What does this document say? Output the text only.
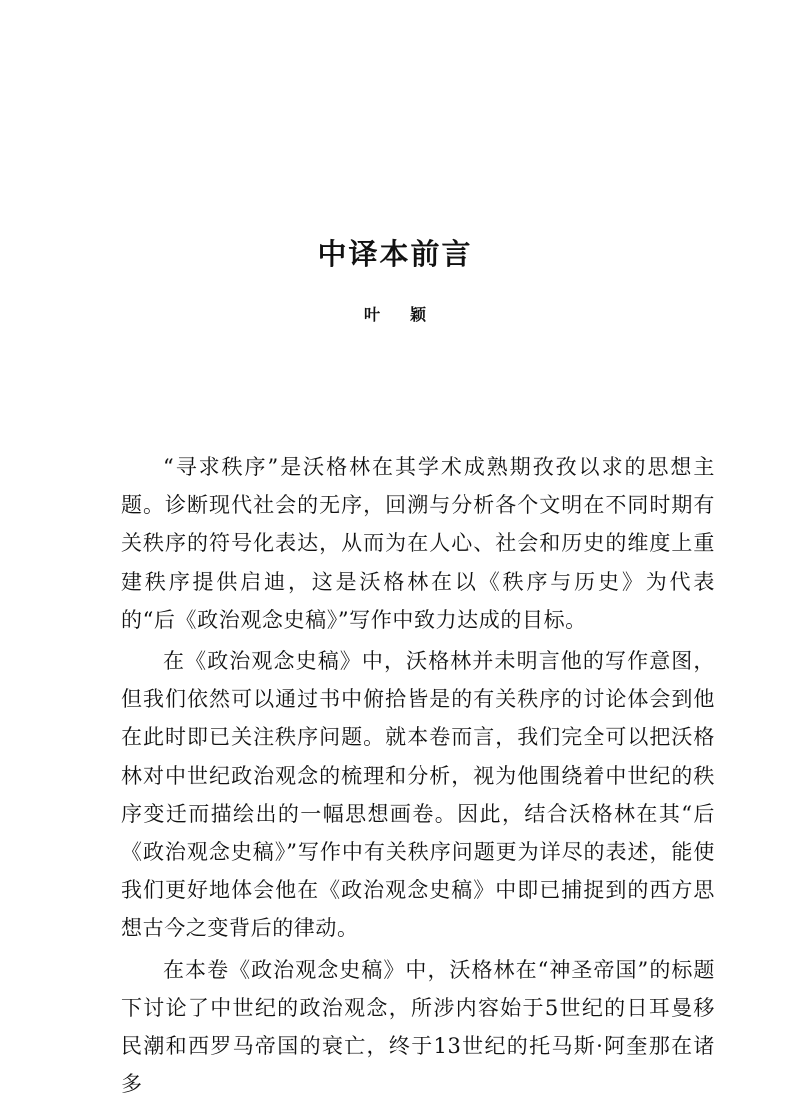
中译本前言
叶 颖

“寻求秩序”是沃格林在其学术成熟期孜孜以求的思想主题。诊断现代社会的无序，回溯与分析各个文明在不同时期有关秩序的符号化表达，从而为在人心、社会和历史的维度上重建秩序提供启迪，这是沃格林在以《秩序与历史》为代表的“后《政治观念史稿》”写作中致力达成的目标。

在《政治观念史稿》中，沃格林并未明言他的写作意图，但我们依然可以通过书中俯拾皆是的有关秩序的讨论体会到他在此时即已关注秩序问题。就本卷而言，我们完全可以把沃格林对中世纪政治观念的梳理和分析，视为他围绕着中世纪的秩序变迁而描绘出的一幅思想画卷。因此，结合沃格林在其“后《政治观念史稿》”写作中有关秩序问题更为详尽的表述，能使我们更好地体会他在《政治观念史稿》中即已捕捉到的西方思想古今之变背后的律动。

在本卷《政治观念史稿》中，沃格林在“神圣帝国”的标题下讨论了中世纪的政治观念，所涉内容始于5世纪的日耳曼移民潮和西罗马帝国的衰亡，终于13世纪的托马斯·阿奎那在诸多
